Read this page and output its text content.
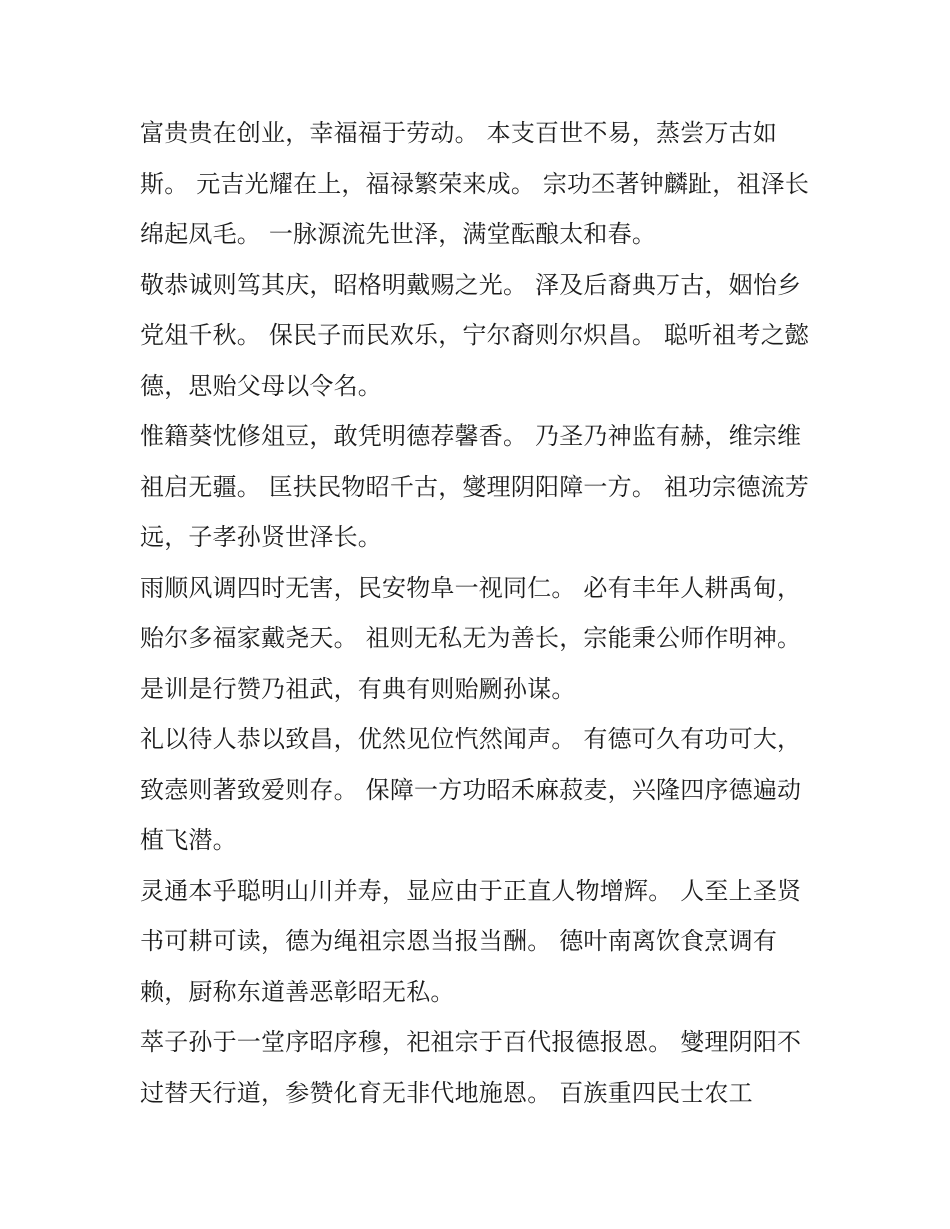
富贵贵在创业，幸福福于劳动。 本支百世不易，蒸尝万古如斯。 元吉光耀在上，福禄繁荣来成。 宗功丕著钟麟趾，祖泽长绵起凤毛。 一脉源流先世泽，满堂酝酿太和春。

敬恭诚则笃其庆，昭格明戴赐之光。 泽及后裔典万古，姻怡乡党俎千秋。 保民子而民欢乐，宁尔裔则尔炽昌。 聪听祖考之懿德，思贻父母以令名。

惟籍葵忱修俎豆，敢凭明德荐馨香。 乃圣乃神监有赫，维宗维祖启无疆。 匡扶民物昭千古，燮理阴阳障一方。 祖功宗德流芳远，子孝孙贤世泽长。

雨顺风调四时无害，民安物阜一视同仁。 必有丰年人耕禹甸，贻尔多福家戴尧天。 祖则无私无为善长，宗能秉公师作明神。 是训是行赞乃祖武，有典有则贻劂孙谋。

礼以待人恭以致昌，优然见位忾然闻声。 有德可久有功可大，致悫则著致爱则存。 保障一方功昭禾麻菽麦，兴隆四序德遍动植飞潜。

灵通本乎聪明山川并寿，显应由于正直人物增辉。 人至上圣贤书可耕可读，德为绳祖宗恩当报当酬。 德叶南离饮食烹调有赖，厨称东道善恶彰昭无私。

萃子孙于一堂序昭序穆，祀祖宗于百代报德报恩。 燮理阴阳不过替天行道，参赞化育无非代地施恩。 百族重四民士农工
